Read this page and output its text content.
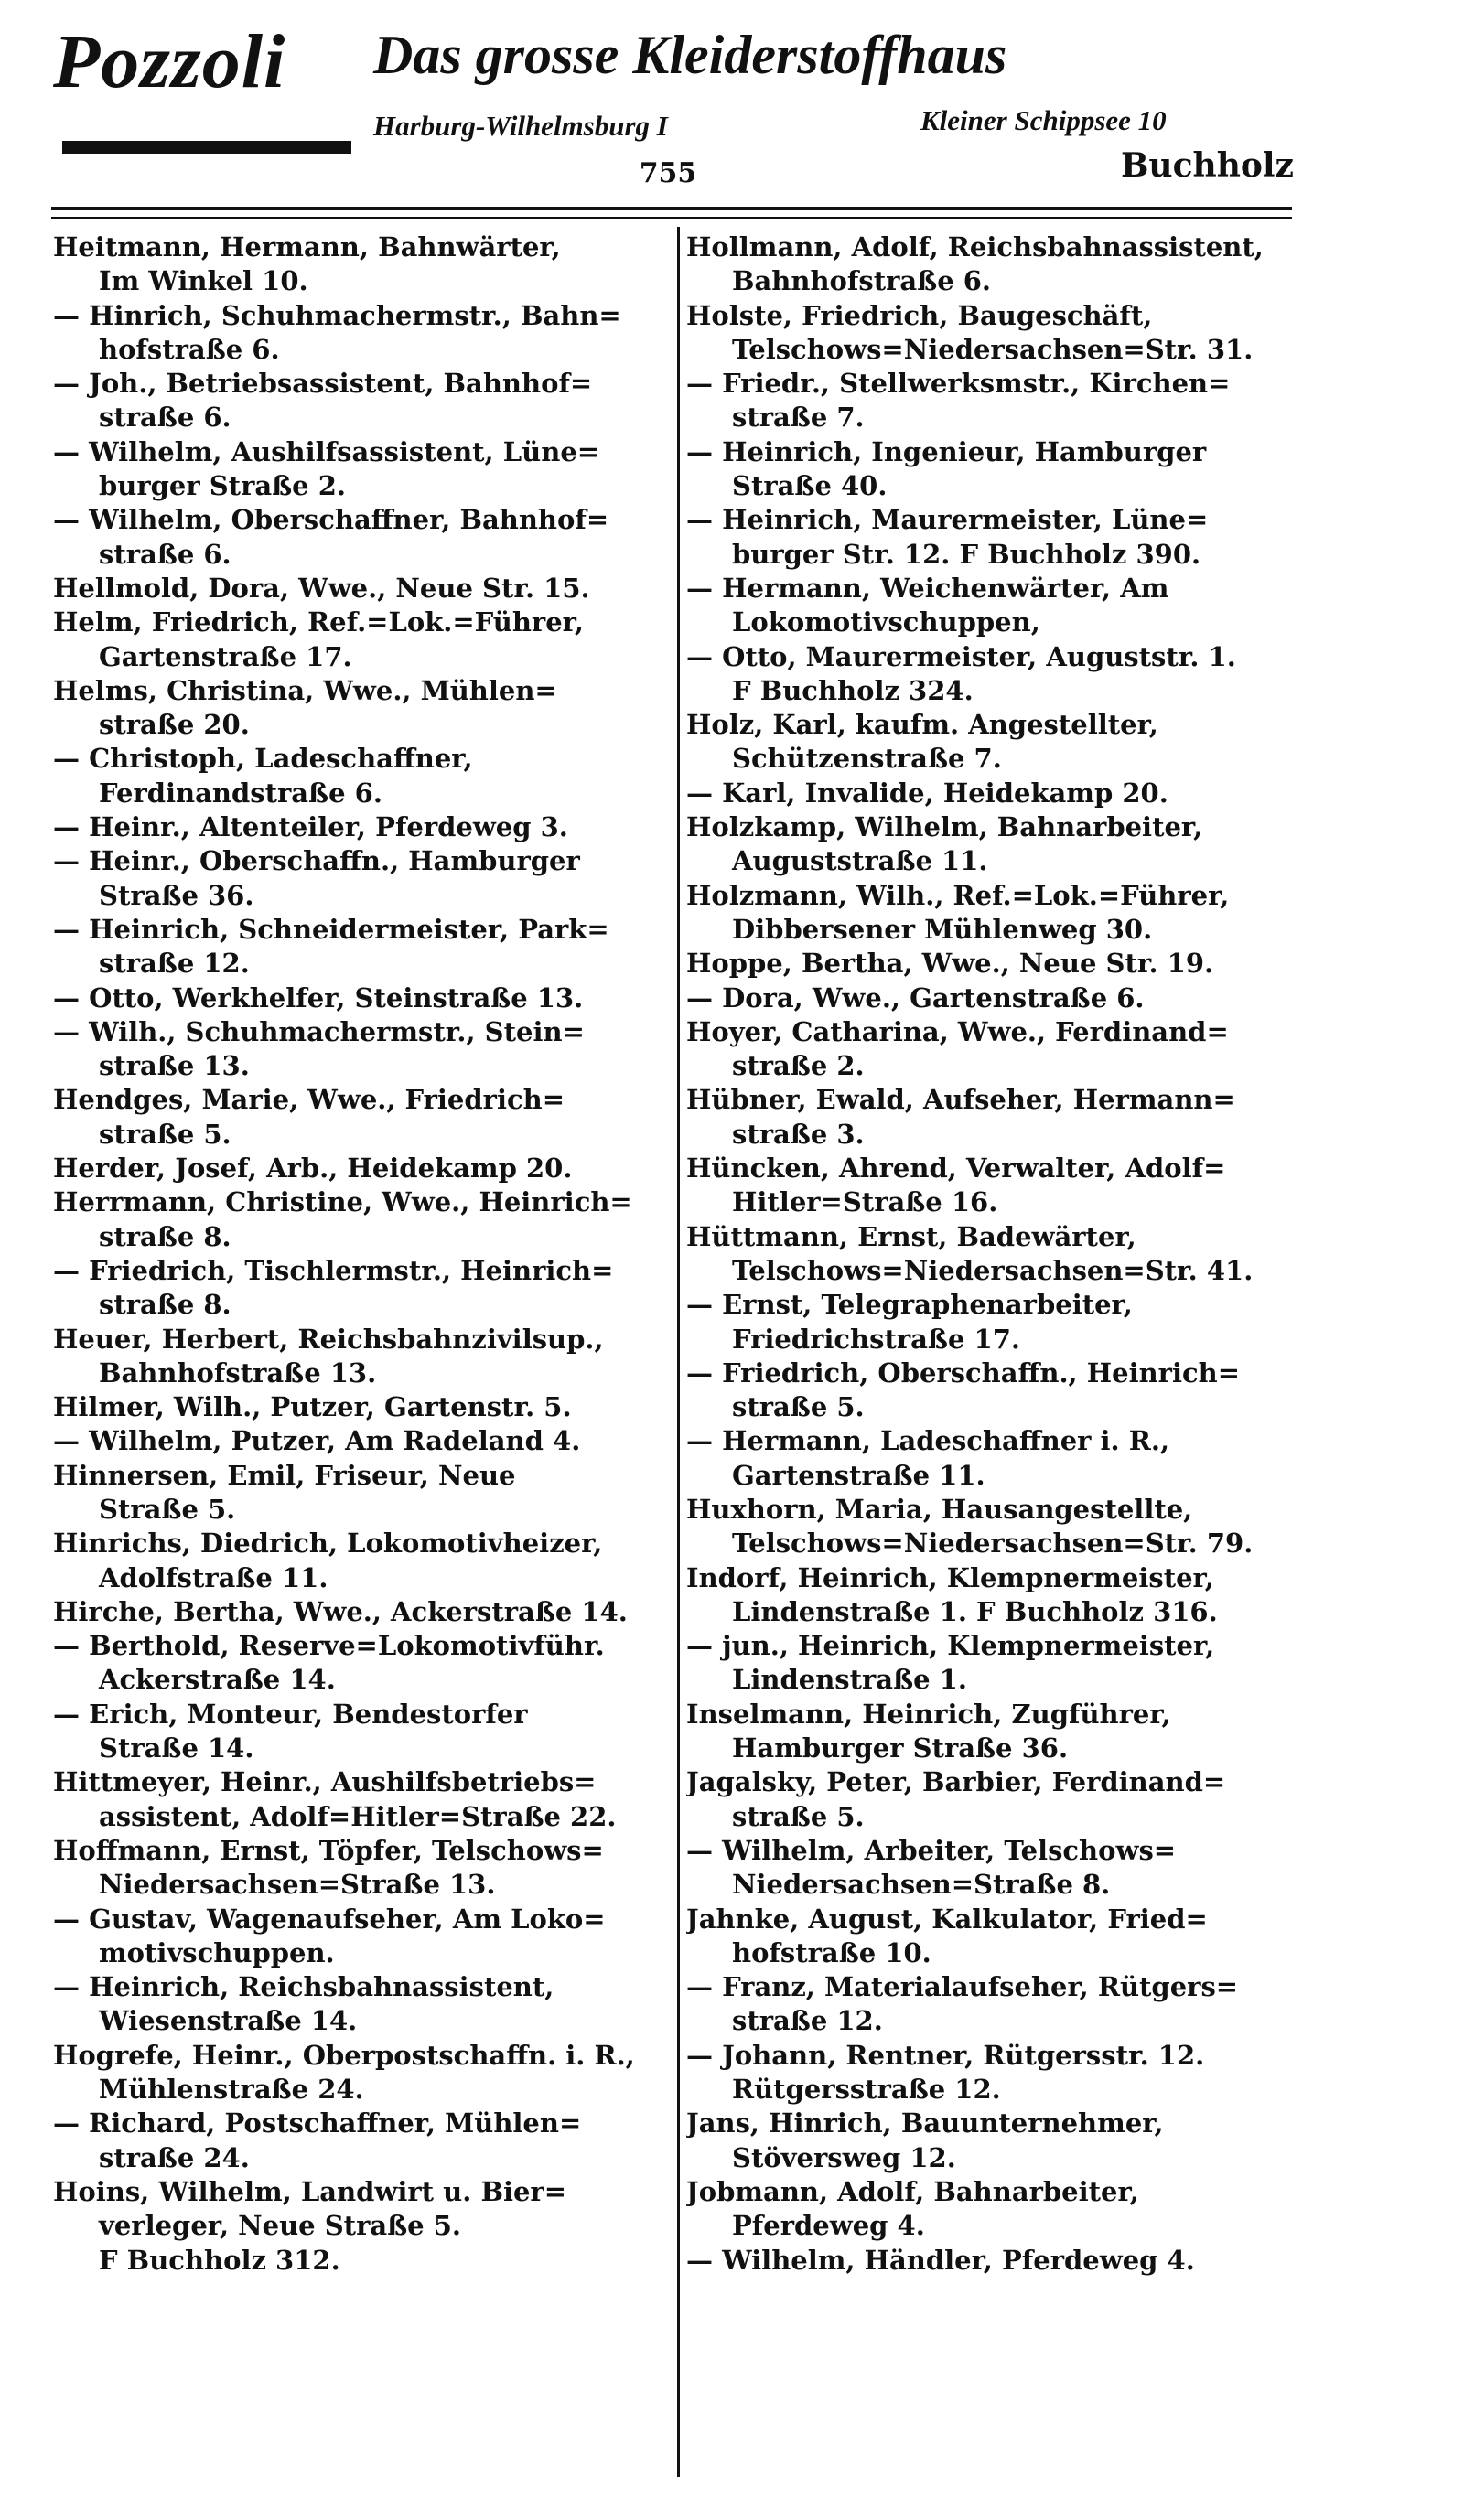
Pozzoli Das grosse Kleiderstoffhaus
Harburg-Wilhelmsburg I	Kleiner Schippsee 10
755	Buchholz
Heitmann, Hermann, Bahnwärter,
Im Winkel 10.
— Hinrich, Schuhmachermstr., Bahn=
hofstraße 6.
— Joh., Betriebsassistent, Bahnhof=
straße 6.
— Wilhelm, Aushilfsassistent, Lüne=
burger Straße 2.
— Wilhelm, Oberschaffner, Bahnhof=
straße 6.
Hellmold, Dora, Wwe., Neue Str. 15.
Helm, Friedrich, Ref.=Lok.=Führer,
Gartenstraße 17.
Helms, Christina, Wwe., Mühlen=
straße 20.
— Christoph, Ladeschaffner,
Ferdinandstraße 6.
— Heinr., Altenteiler, Pferdeweg 3.
— Heinr., Oberschaffn., Hamburger
Straße 36.
— Heinrich, Schneidermeister, Park=
straße 12.
— Otto, Werkhelfer, Steinstraße 13.
— Wilh., Schuhmachermstr., Stein=
straße 13.
Hendges, Marie, Wwe., Friedrich=
straße 5.
Herder, Josef, Arb., Heidekamp 20.
Herrmann, Christine, Wwe., Heinrich=
straße 8.
— Friedrich, Tischlermstr., Heinrich=
straße 8.
Heuer, Herbert, Reichsbahnzivilsup.,
Bahnhofstraße 13.
Hilmer, Wilh., Putzer, Gartenstr. 5.
— Wilhelm, Putzer, Am Radeland 4.
Hinnersen, Emil, Friseur, Neue
Straße 5.
Hinrichs, Diedrich, Lokomotivheizer,
Adolfstraße 11.
Hirche, Bertha, Wwe., Ackerstraße 14.
— Berthold, Reserve=Lokomotivführ.
Ackerstraße 14.
— Erich, Monteur, Bendestorfer
Straße 14.
Hittmeyer, Heinr., Aushilfsbetriebs=
assistent, Adolf=Hitler=Straße 22.
Hoffmann, Ernst, Töpfer, Telschows=
Niedersachsen=Straße 13.
— Gustav, Wagenaufseher, Am Loko=
motivschuppen.
— Heinrich, Reichsbahnassistent,
Wiesenstraße 14.
Hogrefe, Heinr., Oberpostschaffn. i. R.,
Mühlenstraße 24.
— Richard, Postschaffner, Mühlen=
straße 24.
Hoins, Wilhelm, Landwirt u. Bier=
verleger, Neue Straße 5.
F Buchholz 312.
Hollmann, Adolf, Reichsbahnassistent,
Bahnhofstraße 6.
Holste, Friedrich, Baugeschäft,
Telschows=Niedersachsen=Str. 31.
— Friedr., Stellwerksmstr., Kirchen=
straße 7.
— Heinrich, Ingenieur, Hamburger
Straße 40.
— Heinrich, Maurermeister, Lüne=
burger Str. 12. F Buchholz 390.
— Hermann, Weichenwärter, Am
Lokomotivschuppen,
— Otto, Maurermeister, Auguststr. 1.
F Buchholz 324.
Holz, Karl, kaufm. Angestellter,
Schützenstraße 7.
— Karl, Invalide, Heidekamp 20.
Holzkamp, Wilhelm, Bahnarbeiter,
Auguststraße 11.
Holzmann, Wilh., Ref.=Lok.=Führer,
Dibbersener Mühlenweg 30.
Hoppe, Bertha, Wwe., Neue Str. 19.
— Dora, Wwe., Gartenstraße 6.
Hoyer, Catharina, Wwe., Ferdinand=
straße 2.
Hübner, Ewald, Aufseher, Hermann=
straße 3.
Hüncken, Ahrend, Verwalter, Adolf=
Hitler=Straße 16.
Hüttmann, Ernst, Badewärter,
Telschows=Niedersachsen=Str. 41.
— Ernst, Telegraphenarbeiter,
Friedrichstraße 17.
— Friedrich, Oberschaffn., Heinrich=
straße 5.
— Hermann, Ladeschaffner i. R.,
Gartenstraße 11.
Huxhorn, Maria, Hausangestellte,
Telschows=Niedersachsen=Str. 79.
Indorf, Heinrich, Klempnermeister,
Lindenstraße 1. F Buchholz 316.
— jun., Heinrich, Klempnermeister,
Lindenstraße 1.
Inselmann, Heinrich, Zugführer,
Hamburger Straße 36.
Jagalsky, Peter, Barbier, Ferdinand=
straße 5.
— Wilhelm, Arbeiter, Telschows=
Niedersachsen=Straße 8.
Jahnke, August, Kalkulator, Fried=
hofstraße 10.
— Franz, Materialaufseher, Rütgers=
straße 12.
— Johann, Rentner, Rütgersstr. 12.
Rütgersstraße 12.
Jans, Hinrich, Bauunternehmer,
Stöversweg 12.
Jobmann, Adolf, Bahnarbeiter,
Pferdeweg 4.
— Wilhelm, Händler, Pferdeweg 4.
